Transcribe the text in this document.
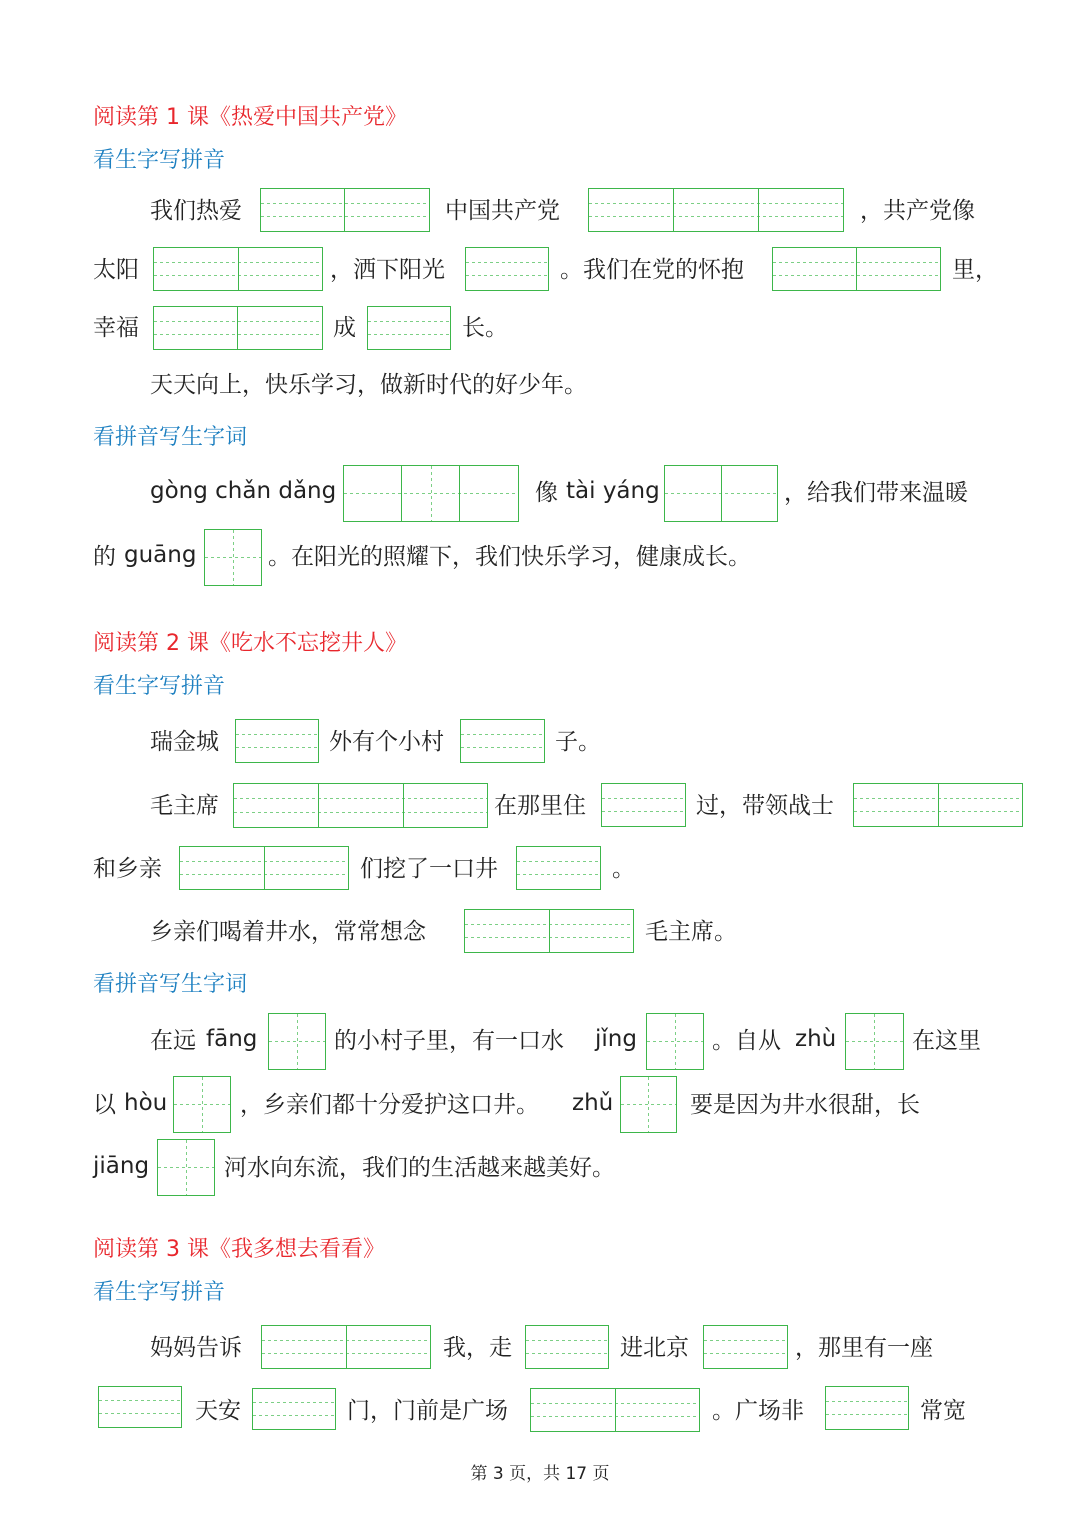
阅读第 1 课《热爱中国共产党》
看生字写拼音
我们热爱	中国共产党	，共产党像
太阳	，洒下阳光	。我们在党的怀抱	里，
幸福	成	长。
天天向上，快乐学习，做新时代的好少年。
看拼音写生字词
gòng chǎn dǎng	像 tài yáng	，给我们带来温暖
的 guāng	。在阳光的照耀下，我们快乐学习，健康成长。
阅读第 2 课《吃水不忘挖井人》
看生字写拼音
瑞金城	外有个小村	子。
毛主席	在那里住	过，带领战士
和乡亲	们挖了一口井	。
乡亲们喝着井水，常常想念	毛主席。
看拼音写生字词
在远 fāng	的小村子里，有一口水 jǐng	。自从 zhù	在这里
以 hòu	，乡亲们都十分爱护这口井。 zhǔ	要是因为井水很甜，长
jiāng	河水向东流，我们的生活越来越美好。
阅读第 3 课《我多想去看看》
看生字写拼音
妈妈告诉	我，走	进北京	，那里有一座
天安	门，门前是广场	。广场非	常宽
第 3 页，共 17 页
